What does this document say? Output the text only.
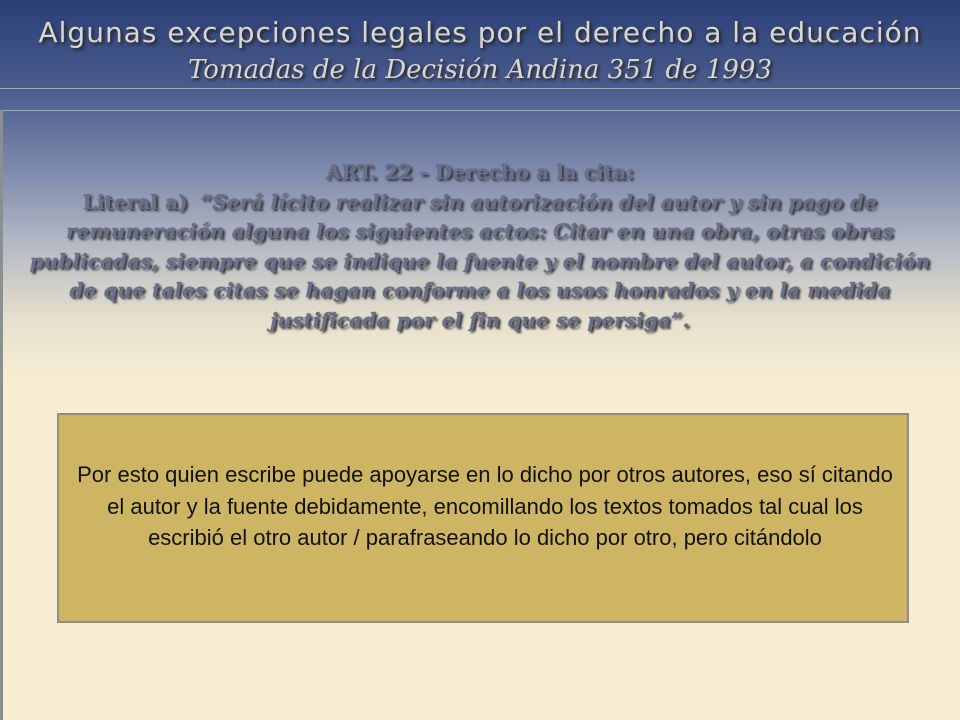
Algunas excepciones legales por el derecho a la educación
Tomadas de la Decisión Andina 351 de 1993
ART. 22 - Derecho a la cita:
Literal a) “Será lícito realizar sin autorización del autor y sin pago de remuneración alguna los siguientes actos: Citar en una obra, otras obras publicadas, siempre que se indique la fuente y el nombre del autor, a condición de que tales citas se hagan conforme a los usos honrados y en la medida justificada por el fin que se persiga”.
Por esto quien escribe puede apoyarse en lo dicho por otros autores, eso sí citando el autor y la fuente debidamente, encomillando los textos tomados tal cual los escribió el otro autor / parafraseando lo dicho por otro, pero citándolo
